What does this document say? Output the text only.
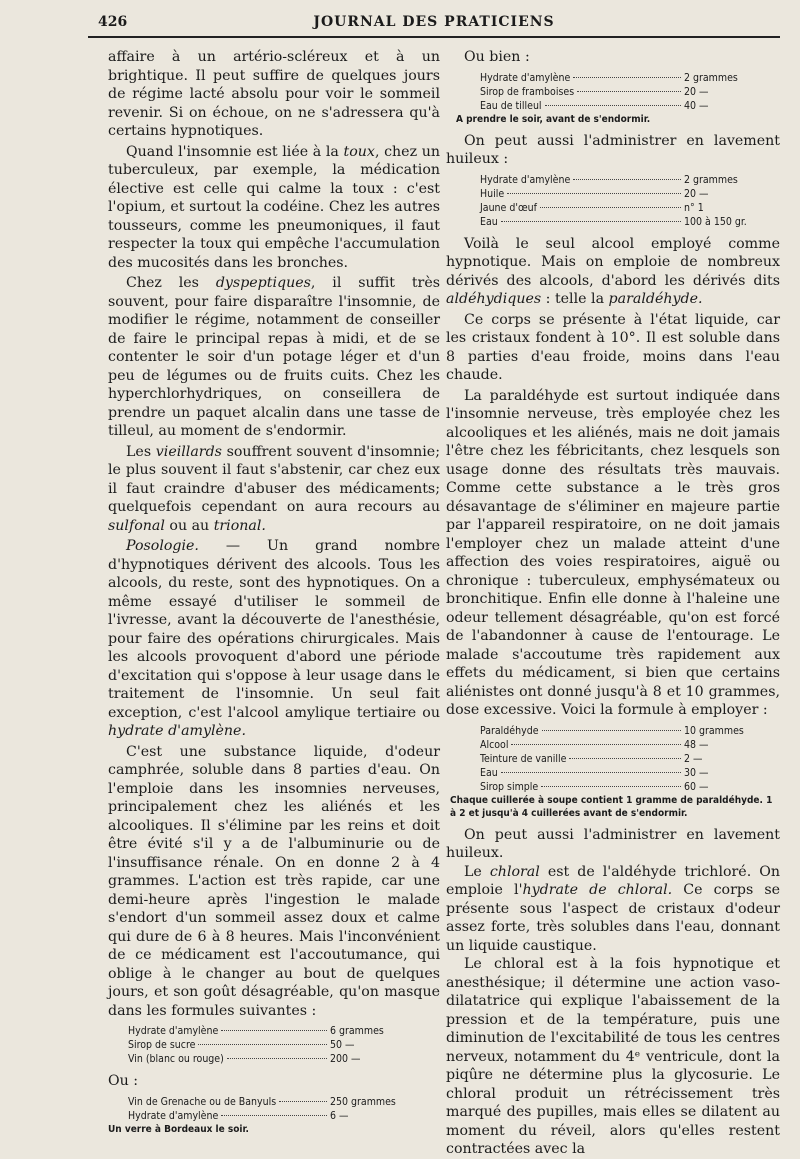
426	JOURNAL DES PRATICIENS

affaire à un artério-scléreux et à un brightique. Il peut suffire de quelques jours de régime lacté absolu pour voir le sommeil revenir. Si on échoue, on ne s'adressera qu'à certains hypnotiques.

Quand l'insomnie est liée à la toux, chez un tuberculeux, par exemple, la médication élective est celle qui calme la toux : c'est l'opium, et surtout la codéine. Chez les autres tousseurs, comme les pneumoniques, il faut respecter la toux qui empêche l'accumulation des mucosités dans les bronches.

Chez les dyspeptiques, il suffit très souvent, pour faire disparaître l'insomnie, de modifier le régime, notamment de conseiller de faire le principal repas à midi, et de se contenter le soir d'un potage léger et d'un peu de légumes ou de fruits cuits. Chez les hyperchlorhydriques, on conseillera de prendre un paquet alcalin dans une tasse de tilleul, au moment de s'endormir.

Les vieillards souffrent souvent d'insomnie; le plus souvent il faut s'abstenir, car chez eux il faut craindre d'abuser des médicaments; quelquefois cependant on aura recours au sulfonal ou au trional.

Posologie. — Un grand nombre d'hypnotiques dérivent des alcools. Tous les alcools, du reste, sont des hypnotiques. On a même essayé d'utiliser le sommeil de l'ivresse, avant la découverte de l'anesthésie, pour faire des opérations chirurgicales. Mais les alcools provoquent d'abord une période d'excitation qui s'oppose à leur usage dans le traitement de l'insomnie. Un seul fait exception, c'est l'alcool amylique tertiaire ou hydrate d'amylène.

C'est une substance liquide, d'odeur camphrée, soluble dans 8 parties d'eau. On l'emploie dans les insomnies nerveuses, principalement chez les aliénés et les alcooliques. Il s'élimine par les reins et doit être évité s'il y a de l'albuminurie ou de l'insuffisance rénale. On en donne 2 à 4 grammes. L'action est très rapide, car une demi-heure après l'ingestion le malade s'endort d'un sommeil assez doux et calme qui dure de 6 à 8 heures. Mais l'inconvénient de ce médicament est l'accoutumance, qui oblige à le changer au bout de quelques jours, et son goût désagréable, qu'on masque dans les formules suivantes :

Hydrate d'amylène	6 grammes
Sirop de sucre	50 —
Vin (blanc ou rouge)	200 —

Ou :

Vin de Grenache ou de Banyuls	250 grammes
Hydrate d'amylène	6 —
Un verre à Bordeaux le soir.

Ou bien :

Hydrate d'amylène	2 grammes
Sirop de framboises	20 —
Eau de tilleul	40 —
A prendre le soir, avant de s'endormir.

On peut aussi l'administrer en lavement huileux :

Hydrate d'amylène	2 grammes
Huile	20 —
Jaune d'œuf	n° 1
Eau	100 à 150 gr.

Voilà le seul alcool employé comme hypnotique. Mais on emploie de nombreux dérivés des alcools, d'abord les dérivés dits aldéhydiques : telle la paraldéhyde.

Ce corps se présente à l'état liquide, car les cristaux fondent à 10°. Il est soluble dans 8 parties d'eau froide, moins dans l'eau chaude.

La paraldéhyde est surtout indiquée dans l'insomnie nerveuse, très employée chez les alcooliques et les aliénés, mais ne doit jamais l'être chez les fébricitants, chez lesquels son usage donne des résultats très mauvais. Comme cette substance a le très gros désavantage de s'éliminer en majeure partie par l'appareil respiratoire, on ne doit jamais l'employer chez un malade atteint d'une affection des voies respiratoires, aiguë ou chronique : tuberculeux, emphysémateux ou bronchitique. Enfin elle donne à l'haleine une odeur tellement désagréable, qu'on est forcé de l'abandonner à cause de l'entourage. Le malade s'accoutume très rapidement aux effets du médicament, si bien que certains aliénistes ont donné jusqu'à 8 et 10 grammes, dose excessive. Voici la formule à employer :

Paraldéhyde	10 grammes
Alcool	48 —
Teinture de vanille	2 —
Eau	30 —
Sirop simple	60 —
Chaque cuillerée à soupe contient 1 gramme de paraldéhyde. 1 à 2 et jusqu'à 4 cuillerées avant de s'endormir.

On peut aussi l'administrer en lavement huileux.

Le chloral est de l'aldéhyde trichloré. On emploie l'hydrate de chloral. Ce corps se présente sous l'aspect de cristaux d'odeur assez forte, très solubles dans l'eau, donnant un liquide caustique.

Le chloral est à la fois hypnotique et anesthésique; il détermine une action vaso-dilatatrice qui explique l'abaissement de la pression et de la température, puis une diminution de l'excitabilité de tous les centres nerveux, notamment du 4ᵉ ventricule, dont la piqûre ne détermine plus la glycosurie. Le chloral produit un rétrécissement très marqué des pupilles, mais elles se dilatent au moment du réveil, alors qu'elles restent contractées avec la
